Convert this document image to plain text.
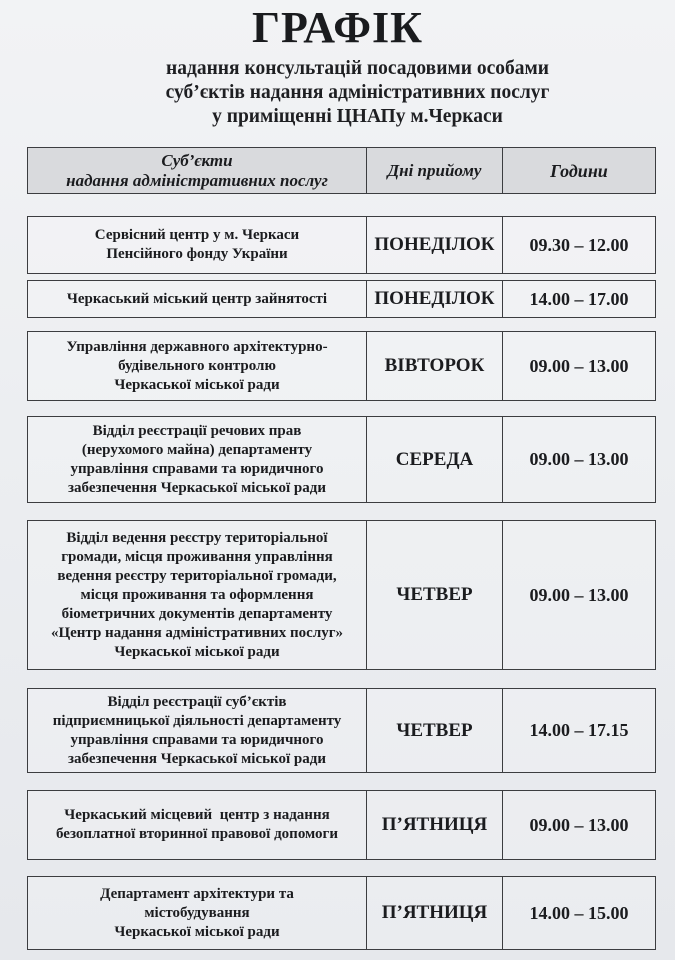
ГРАФІК
надання консультацій посадовими особами
суб’єктів надання адміністративних послуг
у приміщенні ЦНАПу м.Черкаси
Суб’єкти
надання адміністративних послуг
Дні прийому	Години
Сервісний центр у м. Черкаси
Пенсійного фонду України	ПОНЕДІЛОК	09.30 – 12.00
Черкаський міський центр зайнятості	ПОНЕДІЛОК	14.00 – 17.00
Управління державного архітектурно-
будівельного контролю
Черкаської міської ради
ВІВТОРОК	09.00 – 13.00
Відділ реєстрації речових прав
(нерухомого майна) департаменту
управління справами та юридичного
забезпечення Черкаської міської ради
СЕРЕДА	09.00 – 13.00
Відділ ведення реєстру територіальної
громади, місця проживання управління
ведення реєстру територіальної громади,
місця проживання та оформлення
біометричних документів департаменту
«Центр надання адміністративних послуг»
Черкаської міської ради
ЧЕТВЕР	09.00 – 13.00
Відділ реєстрації суб’єктів
підприємницької діяльності департаменту
управління справами та юридичного
забезпечення Черкаської міської ради
ЧЕТВЕР	14.00 – 17.15
Черкаський місцевий  центр з надання
безоплатної вторинної правової допомоги	П’ЯТНИЦЯ	09.00 – 13.00
Департамент архітектури та
містобудування
Черкаської міської ради
П’ЯТНИЦЯ	14.00 – 15.00
